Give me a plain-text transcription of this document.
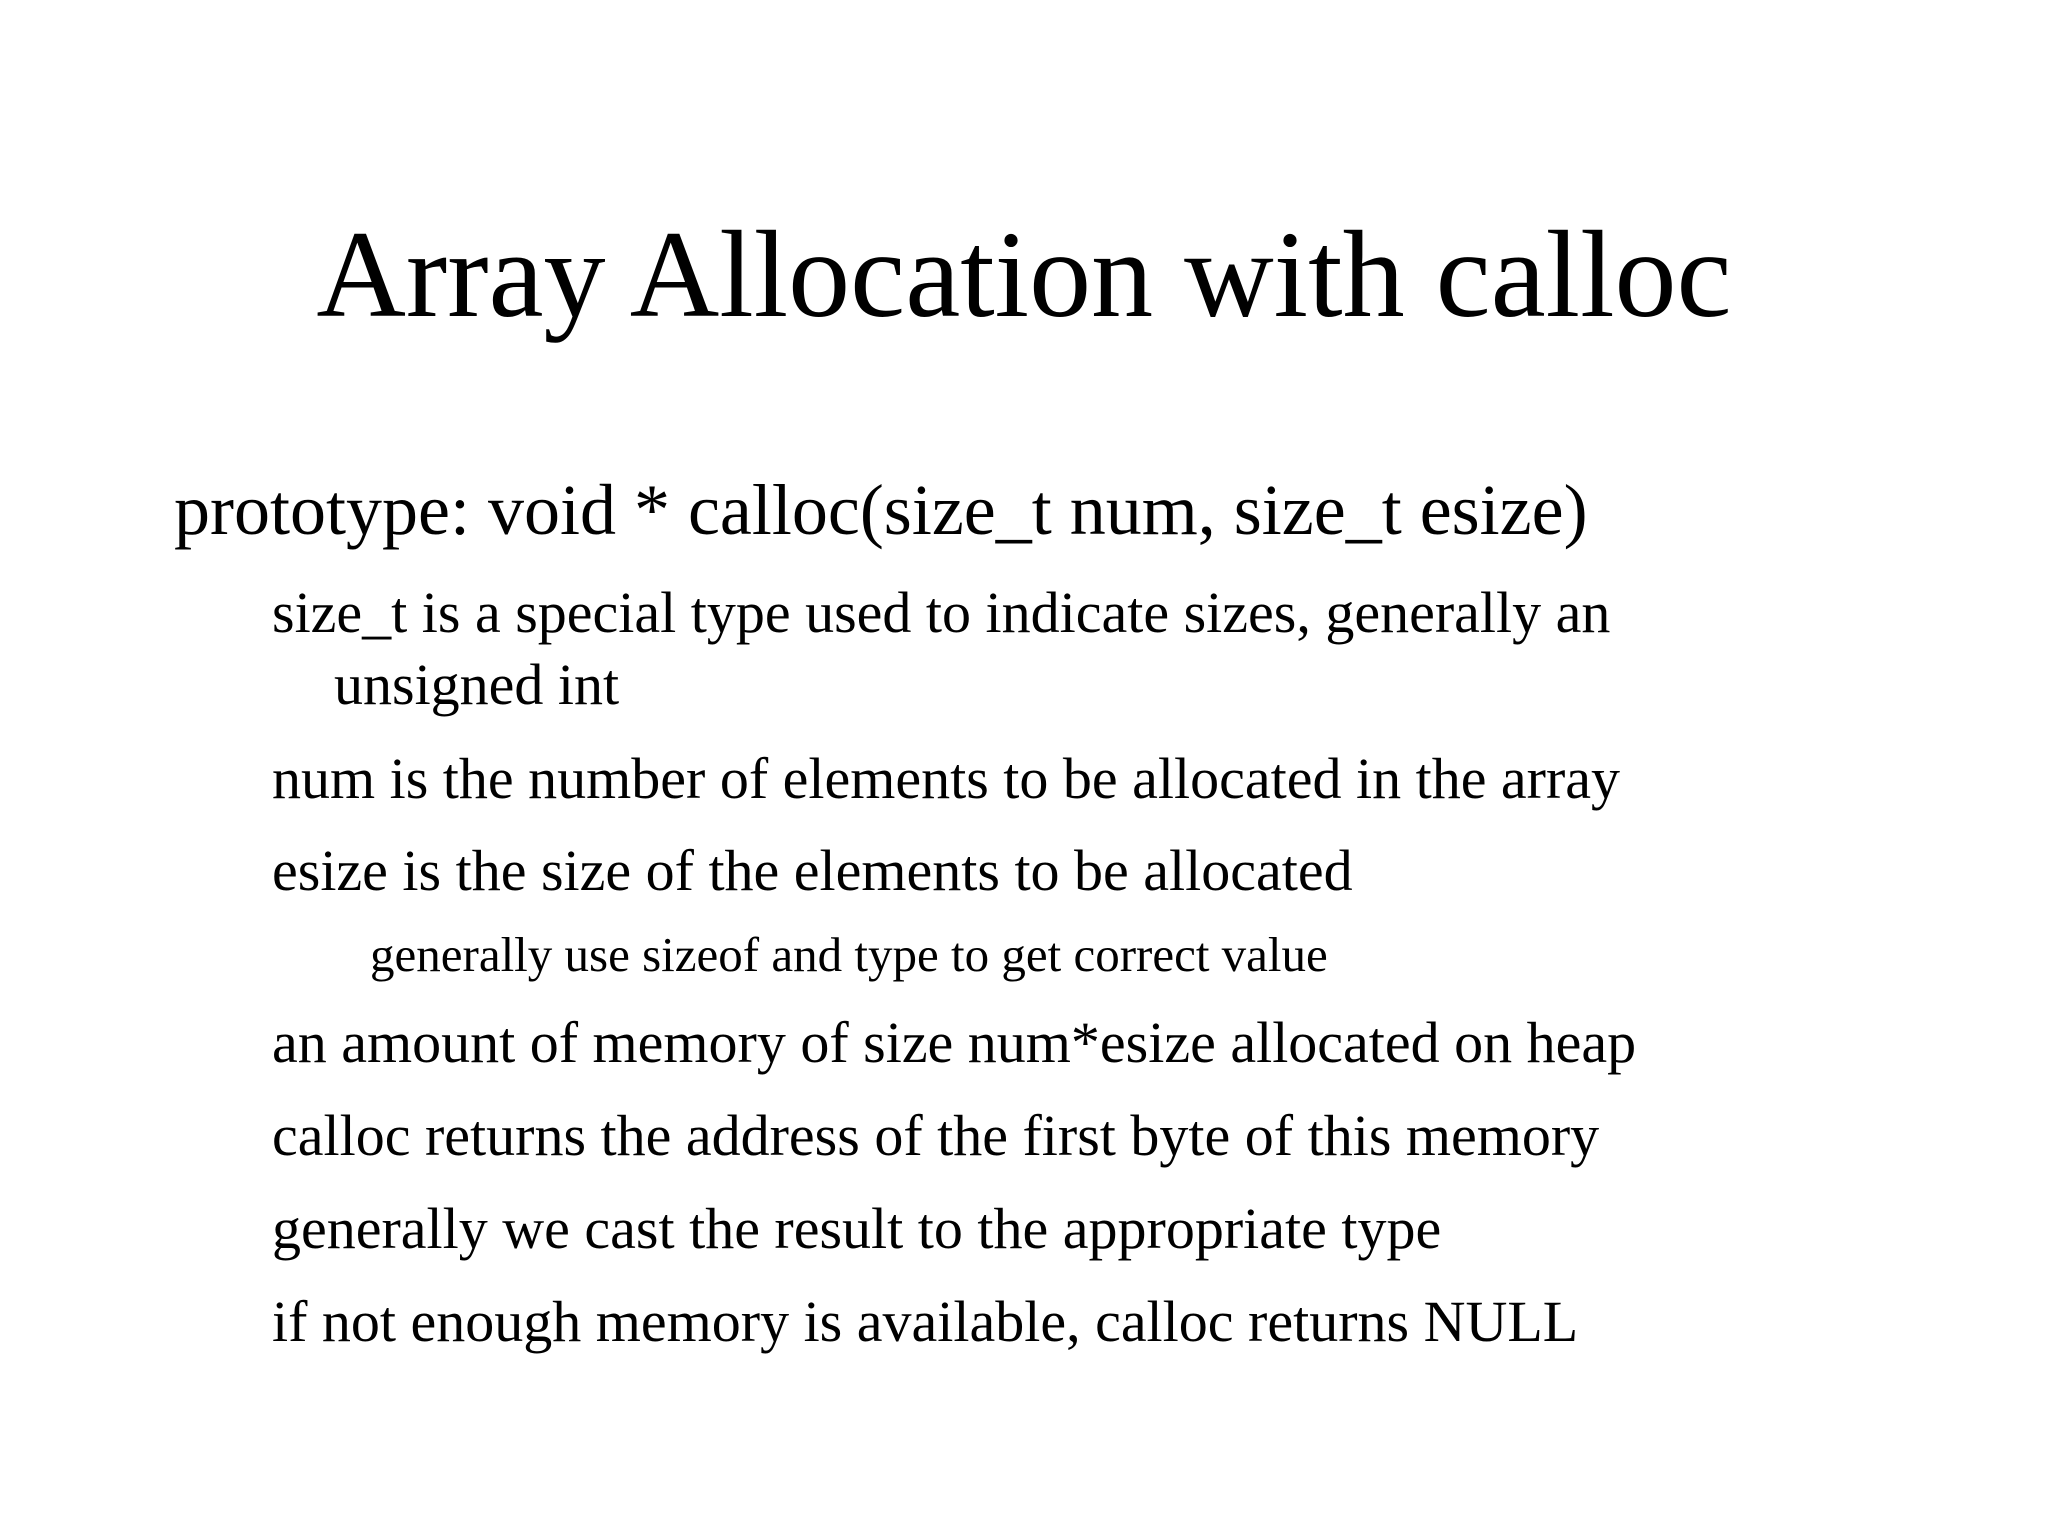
Array Allocation with calloc
prototype: void * calloc(size_t num, size_t esize)
size_t is a special type used to indicate sizes, generally an
unsigned int
num is the number of elements to be allocated in the array
esize is the size of the elements to be allocated
generally use sizeof and type to get correct value
an amount of memory of size num*esize allocated on heap
calloc returns the address of the first byte of this memory
generally we cast the result to the appropriate type
if not enough memory is available, calloc returns NULL
